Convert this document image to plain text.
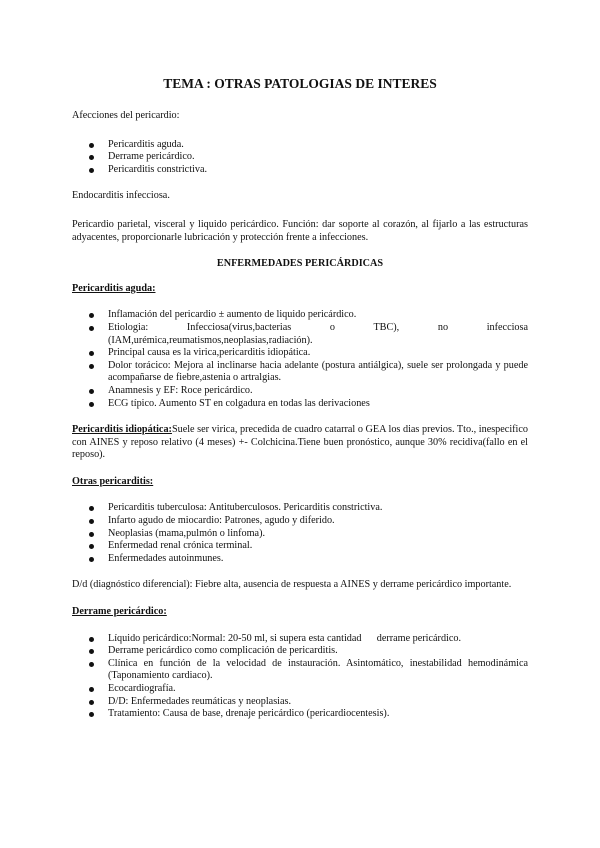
TEMA : OTRAS PATOLOGIAS DE INTERES

Afecciones del pericardio:

Pericarditis aguda.
Derrame pericárdico.
Pericarditis constrictiva.

Endocarditis infecciosa.

Pericardio parietal, visceral y liquido pericárdico. Función: dar soporte al corazón, al fijarlo a las estructuras adyacentes, proporcionarle lubricación y protección frente a infecciones.

ENFERMEDADES PERICÁRDICAS
Pericarditis aguda:
Inflamación del pericardio ± aumento de liquido pericárdico.
Etiologia: Infecciosa(virus,bacterias o TBC), no infecciosa (IAM,urémica,reumatismos,neoplasias,radiación).
Principal causa es la virica,pericarditis idiopática.
Dolor torácico: Mejora al inclinarse hacia adelante (postura antiálgica), suele ser prolongada y puede acompañarse de fiebre,astenia o artralgias.
Anamnesis y EF: Roce pericárdico.
ECG típico. Aumento ST en colgadura en todas las derivaciones

Pericarditis idiopática:Suele ser virica, precedida de cuadro catarral o GEA los dias previos. Tto., inespecifico con AINES y reposo relativo (4 meses) +- Colchicina.Tiene buen pronóstico, aunque 30% recidiva(fallo en el reposo).

Otras pericarditis:
Pericarditis tuberculosa: Antituberculosos. Pericarditis constrictiva.
Infarto agudo de miocardio: Patrones, agudo y diferido.
Neoplasias (mama,pulmón o linfoma).
Enfermedad renal crónica terminal.
Enfermedades autoinmunes.

D/d (diagnóstico diferencial): Fiebre alta, ausencia de respuesta a AINES y derrame pericárdico importante.

Derrame pericárdico:
Líquido pericárdico:Normal: 20-50 ml, si supera esta cantidad      derrame pericárdico.
Derrame pericárdico como complicación de pericarditis.
Clínica en función de la velocidad de instauración. Asintomático, inestabilidad hemodinámica (Taponamiento cardiaco).
Ecocardiografía.
D/D: Enfermedades reumáticas y neoplasias.
Tratamiento: Causa de base, drenaje pericárdico (pericardiocentesis).
